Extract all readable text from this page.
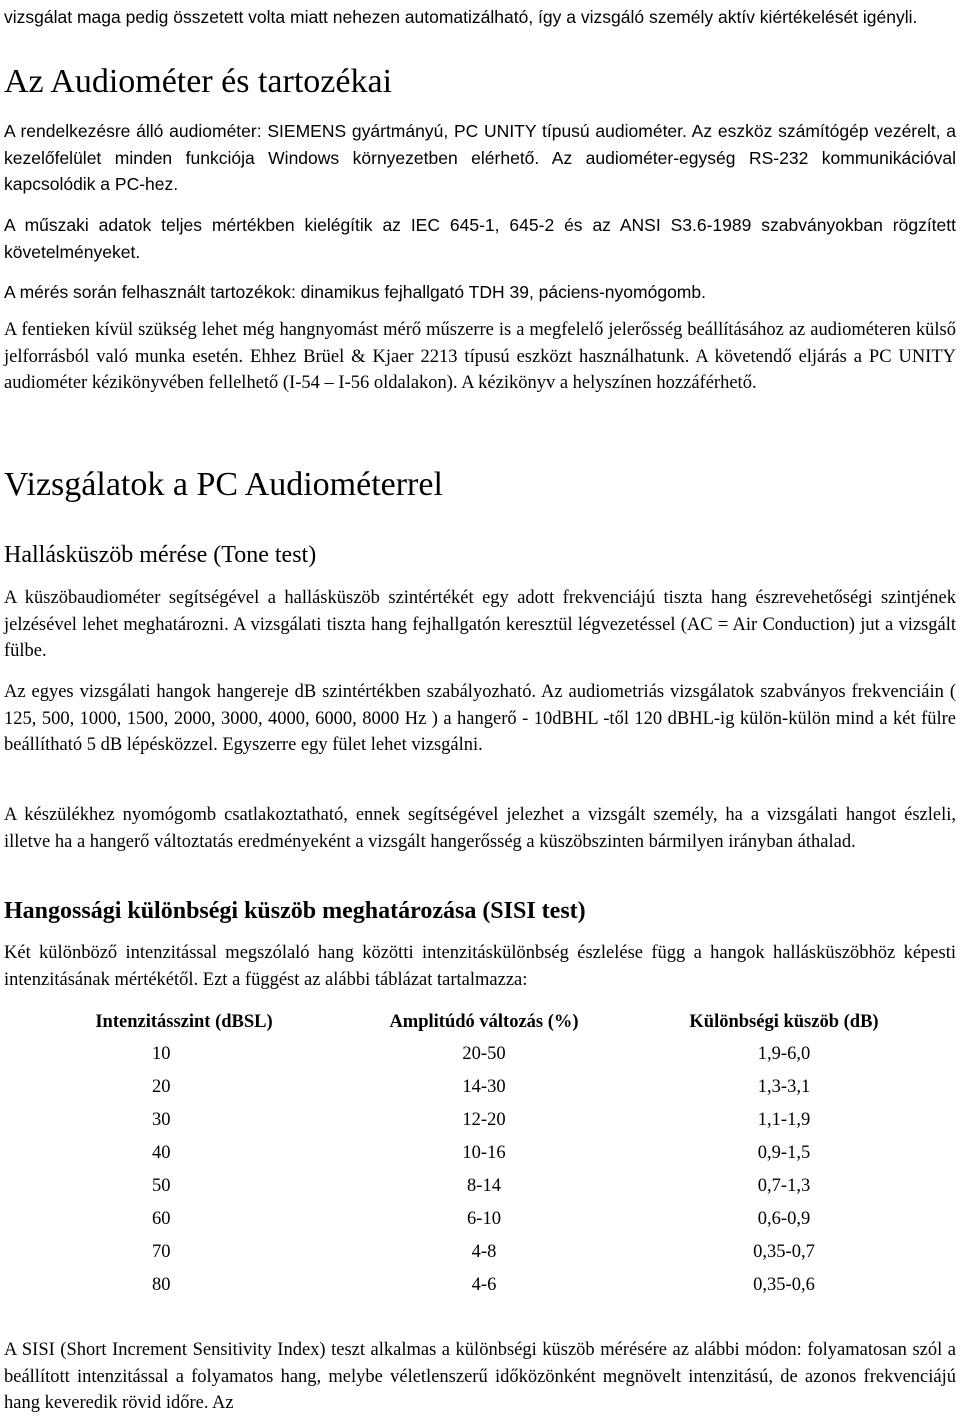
vizsgálat maga pedig összetett volta miatt nehezen automatizálható, így a vizsgáló személy aktív kiértékelését igényli.

Az Audiométer és tartozékai

A rendelkezésre álló audiométer: SIEMENS gyártmányú, PC UNITY típusú audiométer. Az eszköz számítógép vezérelt, a kezelőfelület minden funkciója Windows környezetben elérhető. Az audiométer-egység RS-232 kommunikációval kapcsolódik a PC-hez.

A műszaki adatok teljes mértékben kielégítik az IEC 645-1, 645-2 és az ANSI S3.6-1989 szabványokban rögzített követelményeket.

A mérés során felhasznált tartozékok: dinamikus fejhallgató TDH 39, páciens-nyomógomb.

A fentieken kívül szükség lehet még hangnyomást mérő műszerre is a megfelelő jelerősség beállításához az audiométeren külső jelforrásból való munka esetén. Ehhez Brüel & Kjaer 2213 típusú eszközt használhatunk. A követendő eljárás a PC UNITY audiométer kézikönyvében fellelhető (I-54 – I-56 oldalakon). A kézikönyv a helyszínen hozzáférhető.

Vizsgálatok a PC Audiométerrel
Hallásküszöb mérése (Tone test)

A küszöbaudiométer segítségével a hallásküszöb szintértékét egy adott frekvenciájú tiszta hang észrevehetőségi szintjének jelzésével lehet meghatározni. A vizsgálati tiszta hang fejhallgatón keresztül légvezetéssel (AC = Air Conduction) jut a vizsgált fülbe.

Az egyes vizsgálati hangok hangereje dB szintértékben szabályozható. Az audiometriás vizsgálatok szabványos frekvenciáin ( 125, 500, 1000, 1500, 2000, 3000, 4000, 6000, 8000 Hz ) a hangerő - 10dBHL -től 120 dBHL-ig külön-külön mind a két fülre beállítható 5 dB lépésközzel. Egyszerre egy fület lehet vizsgálni.

A készülékhez nyomógomb csatlakoztatható, ennek segítségével jelezhet a vizsgált személy, ha a vizsgálati hangot észleli, illetve ha a hangerő változtatás eredményeként a vizsgált hangerősség a küszöbszinten bármilyen irányban áthalad.

Hangossági különbségi küszöb meghatározása (SISI test)

Két különböző intenzitással megszólaló hang közötti intenzitáskülönbség észlelése függ a hangok hallásküszöbhöz képesti intenzitásának mértékétől. Ezt a függést az alábbi táblázat tartalmazza:

Intenzitásszint (dBSL)	Amplitúdó változás (%)	Különbségi küszöb (dB)
10	20-50	1,9-6,0
20	14-30	1,3-3,1
30	12-20	1,1-1,9
40	10-16	0,9-1,5
50	8-14	0,7-1,3
60	6-10	0,6-0,9
70	4-8	0,35-0,7
80	4-6	0,35-0,6

A SISI (Short Increment Sensitivity Index) teszt alkalmas a különbségi küszöb mérésére az alábbi módon: folyamatosan szól a beállított intenzitással a folyamatos hang, melybe véletlenszerű időközönként megnövelt intenzitású, de azonos frekvenciájú hang keveredik rövid időre. Az
